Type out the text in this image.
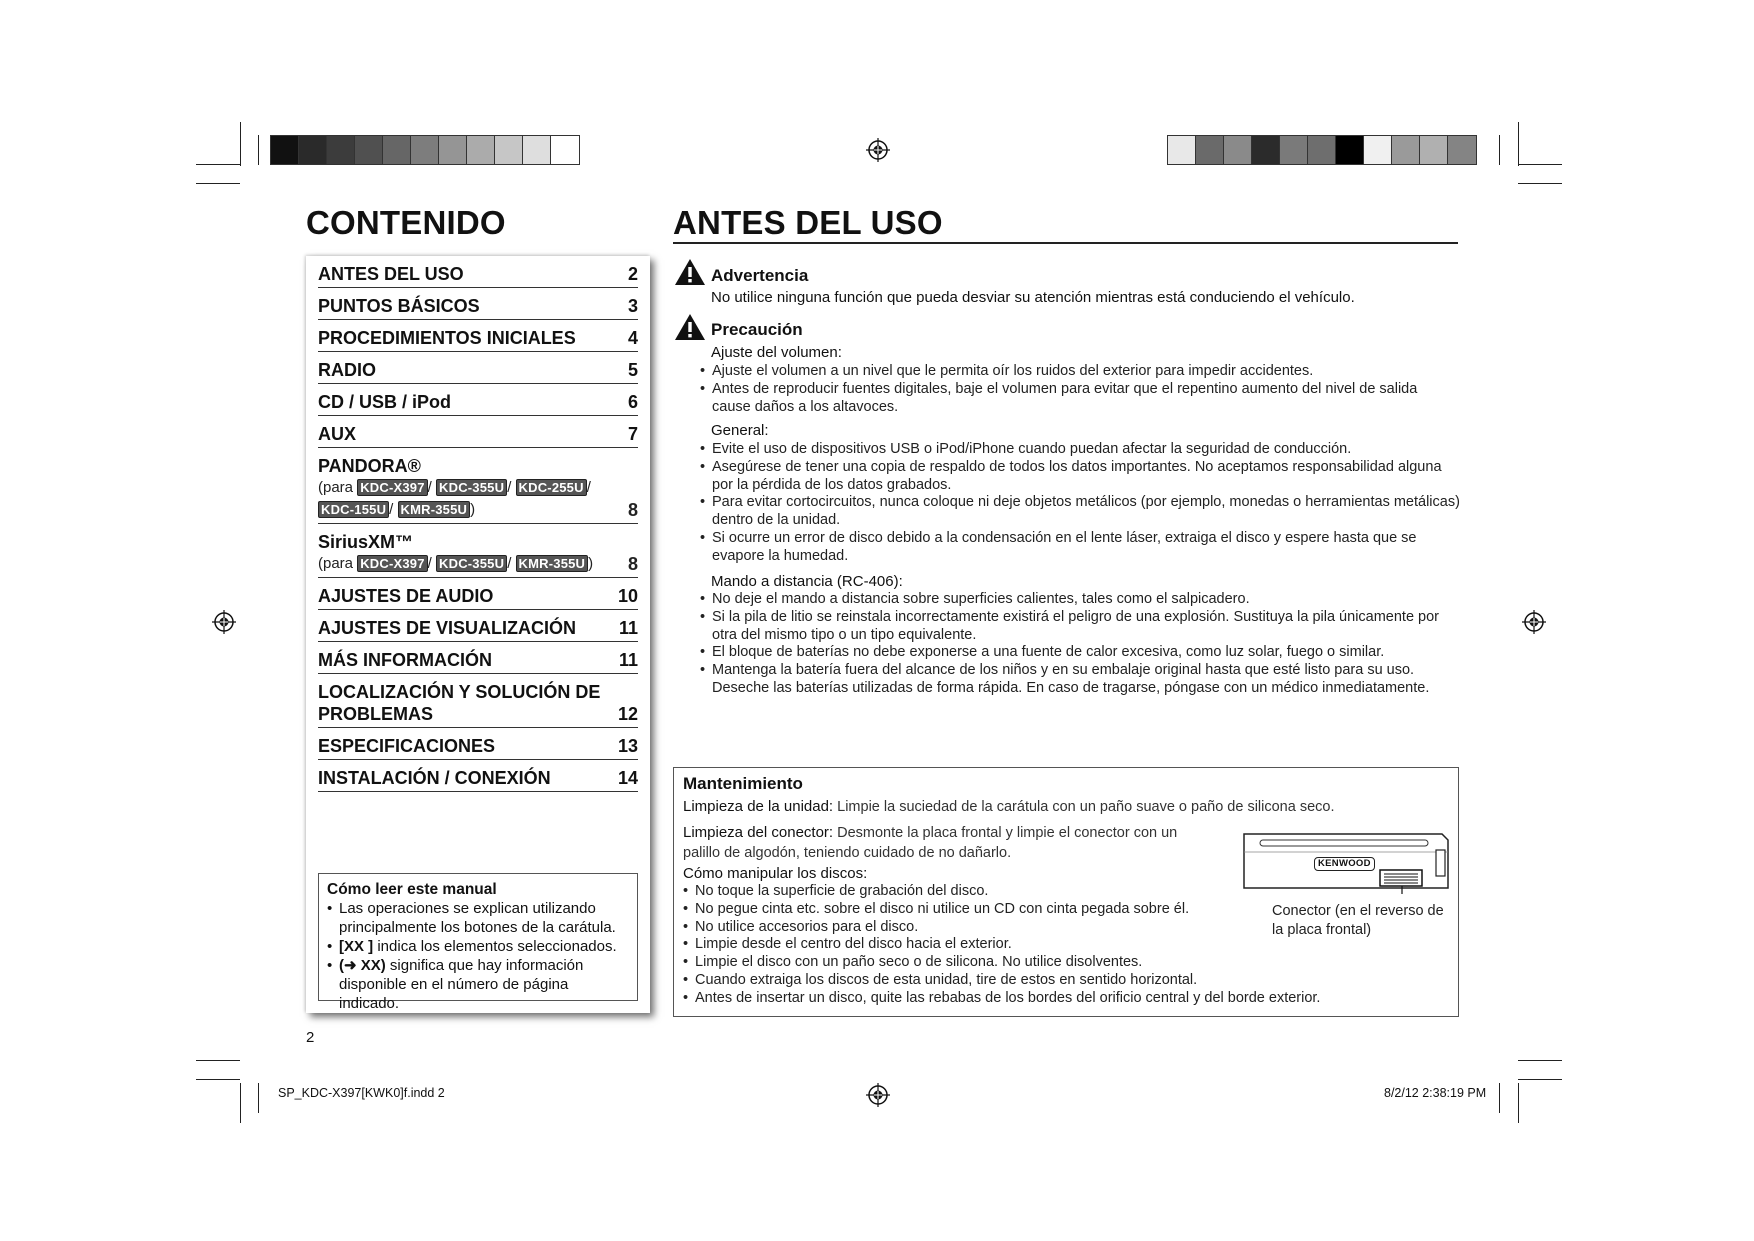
CONTENIDO
ANTES DEL USO	2
PUNTOS BÁSICOS	3
PROCEDIMIENTOS INICIALES	4
RADIO	5
CD / USB / iPod	6
AUX	7
PANDORA®
(para KDC-X397 / KDC-355U / KDC-255U /
KDC-155U / KMR-355U )	8
SiriusXM™
(para KDC-X397 / KDC-355U / KMR-355U ) 8
AJUSTES DE AUDIO	10
AJUSTES DE VISUALIZACIÓN	11
MÁS INFORMACIÓN	11
LOCALIZACIÓN Y SOLUCIÓN DE
PROBLEMAS	12
ESPECIFICACIONES	13
INSTALACIÓN / CONEXIÓN	14
Cómo leer este manual
• Las operaciones se explican utilizando principalmente los botones de la carátula.
• [XX ] indica los elementos seleccionados.
• (➜ XX) significa que hay información disponible en el número de página indicado.
2
ANTES DEL USO
Advertencia
No utilice ninguna función que pueda desviar su atención mientras está conduciendo el vehículo.
Precaución
Ajuste del volumen:
• Ajuste el volumen a un nivel que le permita oír los ruidos del exterior para impedir accidentes.
• Antes de reproducir fuentes digitales, baje el volumen para evitar que el repentino aumento del nivel de salida cause daños a los altavoces.
General:
• Evite el uso de dispositivos USB o iPod/iPhone cuando puedan afectar la seguridad de conducción.
• Asegúrese de tener una copia de respaldo de todos los datos importantes. No aceptamos responsabilidad alguna por la pérdida de los datos grabados.
• Para evitar cortocircuitos, nunca coloque ni deje objetos metálicos (por ejemplo, monedas o herramientas metálicas) dentro de la unidad.
• Si ocurre un error de disco debido a la condensación en el lente láser, extraiga el disco y espere hasta que se evapore la humedad.
Mando a distancia (RC-406):
• No deje el mando a distancia sobre superficies calientes, tales como el salpicadero.
• Si la pila de litio se reinstala incorrectamente existirá el peligro de una explosión. Sustituya la pila únicamente por otra del mismo tipo o un tipo equivalente.
• El bloque de baterías no debe exponerse a una fuente de calor excesiva, como luz solar, fuego o similar.
• Mantenga la batería fuera del alcance de los niños y en su embalaje original hasta que esté listo para su uso. Deseche las baterías utilizadas de forma rápida. En caso de tragarse, póngase con un médico inmediatamente.
Mantenimiento
Limpieza de la unidad: Limpie la suciedad de la carátula con un paño suave o paño de silicona seco.
Limpieza del conector: Desmonte la placa frontal y limpie el conector con un palillo de algodón, teniendo cuidado de no dañarlo.
Cómo manipular los discos:
• No toque la superficie de grabación del disco.
• No pegue cinta etc. sobre el disco ni utilice un CD con cinta pegada sobre él.
• No utilice accesorios para el disco.
• Limpie desde el centro del disco hacia el exterior.
• Limpie el disco con un paño seco o de silicona. No utilice disolventes.
• Cuando extraiga los discos de esta unidad, tire de estos en sentido horizontal.
• Antes de insertar un disco, quite las rebabas de los bordes del orificio central y del borde exterior.
KENWOOD
Conector (en el reverso de la placa frontal)
SP_KDC-X397[KWK0]f.indd 2	8/2/12 2:38:19 PM
